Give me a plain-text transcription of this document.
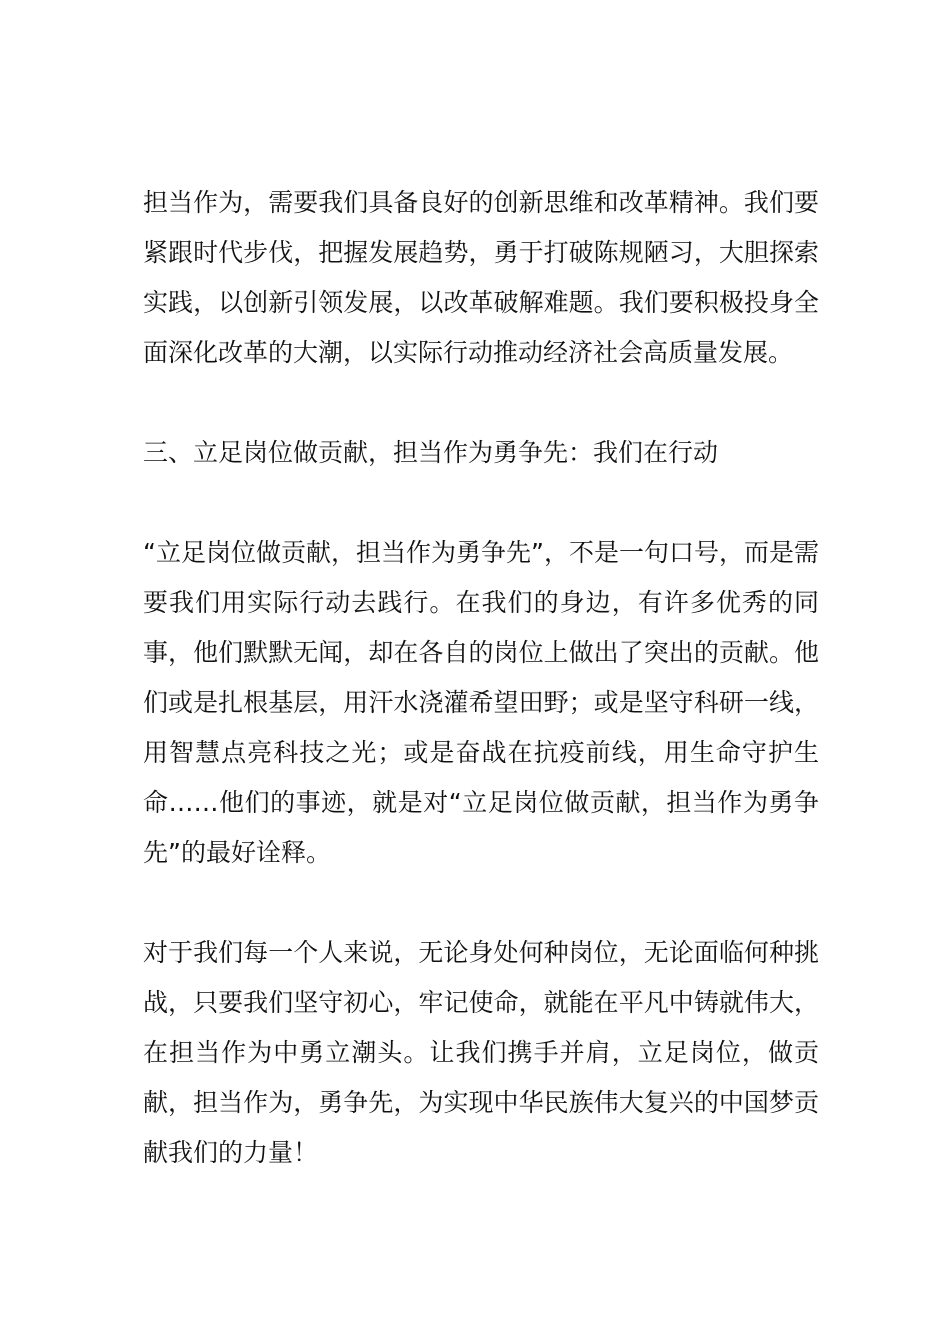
担当作为，需要我们具备良好的创新思维和改革精神。我们要紧跟时代步伐，把握发展趋势，勇于打破陈规陋习，大胆探索实践，以创新引领发展，以改革破解难题。我们要积极投身全面深化改革的大潮，以实际行动推动经济社会高质量发展。

三、立足岗位做贡献，担当作为勇争先：我们在行动

“立足岗位做贡献，担当作为勇争先”，不是一句口号，而是需要我们用实际行动去践行。在我们的身边，有许多优秀的同事，他们默默无闻，却在各自的岗位上做出了突出的贡献。他们或是扎根基层，用汗水浇灌希望田野；或是坚守科研一线，用智慧点亮科技之光；或是奋战在抗疫前线，用生命守护生命……他们的事迹，就是对“立足岗位做贡献，担当作为勇争先”的最好诠释。

对于我们每一个人来说，无论身处何种岗位，无论面临何种挑战，只要我们坚守初心，牢记使命，就能在平凡中铸就伟大，在担当作为中勇立潮头。让我们携手并肩，立足岗位，做贡献，担当作为，勇争先，为实现中华民族伟大复兴的中国梦贡献我们的力量！
